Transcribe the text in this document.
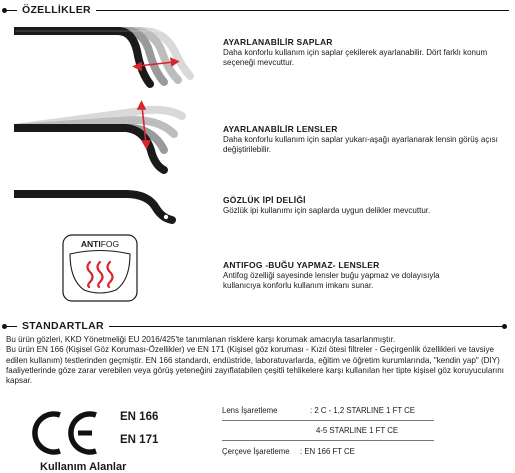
ÖZELLİKLER
AYARLANABİLİR SAPLAR
Daha konforlu kullanım için saplar çekilerek ayarlanabilir. Dört farklı konum seçeneği mevcuttur.
AYARLANABİLİR LENSLER
Daha konforlu kullanım için saplar yukarı-aşağı ayarlanarak lensin görüş açısı değiştirilebilir.
GÖZLÜK İPİ DELİĞİ
Gözlük ipi kullanımı için saplarda uygun delikler mevcuttur.
ANTIFOG
ANTIFOG -BUĞU YAPMAZ- LENSLER
Antifog özelliği sayesinde lensler buğu yapmaz ve dolayısıyla kullanıcıya konforlu kullanım imkanı sunar.
STANDARTLAR
Bu ürün gözleri, KKD Yönetmeliği EU 2016/425'te tanımlanan risklere karşı korumak amacıyla tasarlanmıştır.
Bu ürün EN 166 (Kişisel Göz Koruması-Özellikler) ve EN 171 (Kişisel göz koruması - Kızıl ötesi filtreler - Geçirgenlik özellikleri ve tavsiye edilen kullanım) testlerinden geçmiştir. EN 166 standardı, endüstride, laboratuvarlarda, eğitim ve öğretim kurumlarında, "kendin yap" (DIY) faaliyetlerinde göze zarar verebilen veya görüş yeteneğini zayıflatabilen çeşitli tehlikelere karşı kullanılan her tipte kişisel göz koruyucularını kapsar.
EN 166
EN 171
Lens İşaretleme	: 2 C - 1,2 STARLINE 1 FT CE
4-5 STARLINE 1 FT CE
Çerçeve İşaretleme : EN 166 FT CE
Kullanım Alanlar
